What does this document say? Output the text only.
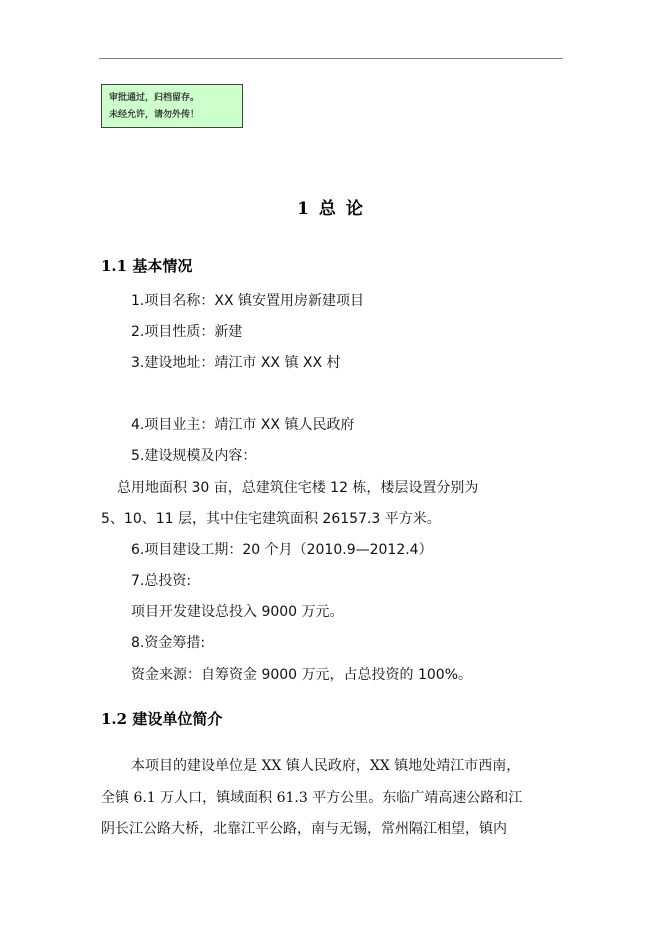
审批通过，归档留存。
未经允许，请勿外传！
1 总 论
1.1 基本情况
1.项目名称：XX 镇安置用房新建项目
2.项目性质：新建
3.建设地址：靖江市 XX 镇 XX 村
4.项目业主：靖江市 XX 镇人民政府
5.建设规模及内容：
总用地面积 30 亩，总建筑住宅楼 12 栋，楼层设置分别为
5、10、11 层，其中住宅建筑面积 26157.3 平方米。
6.项目建设工期：20 个月（2010.9—2012.4）
7.总投资:
项目开发建设总投入 9000 万元。
8.资金筹措:
资金来源：自筹资金 9000 万元，占总投资的 100%。
1.2 建设单位简介
本项目的建设单位是 XX 镇人民政府，XX 镇地处靖江市西南，
全镇 6.1 万人口，镇域面积 61.3 平方公里。东临广靖高速公路和江
阴长江公路大桥，北靠江平公路，南与无锡，常州隔江相望，镇内
